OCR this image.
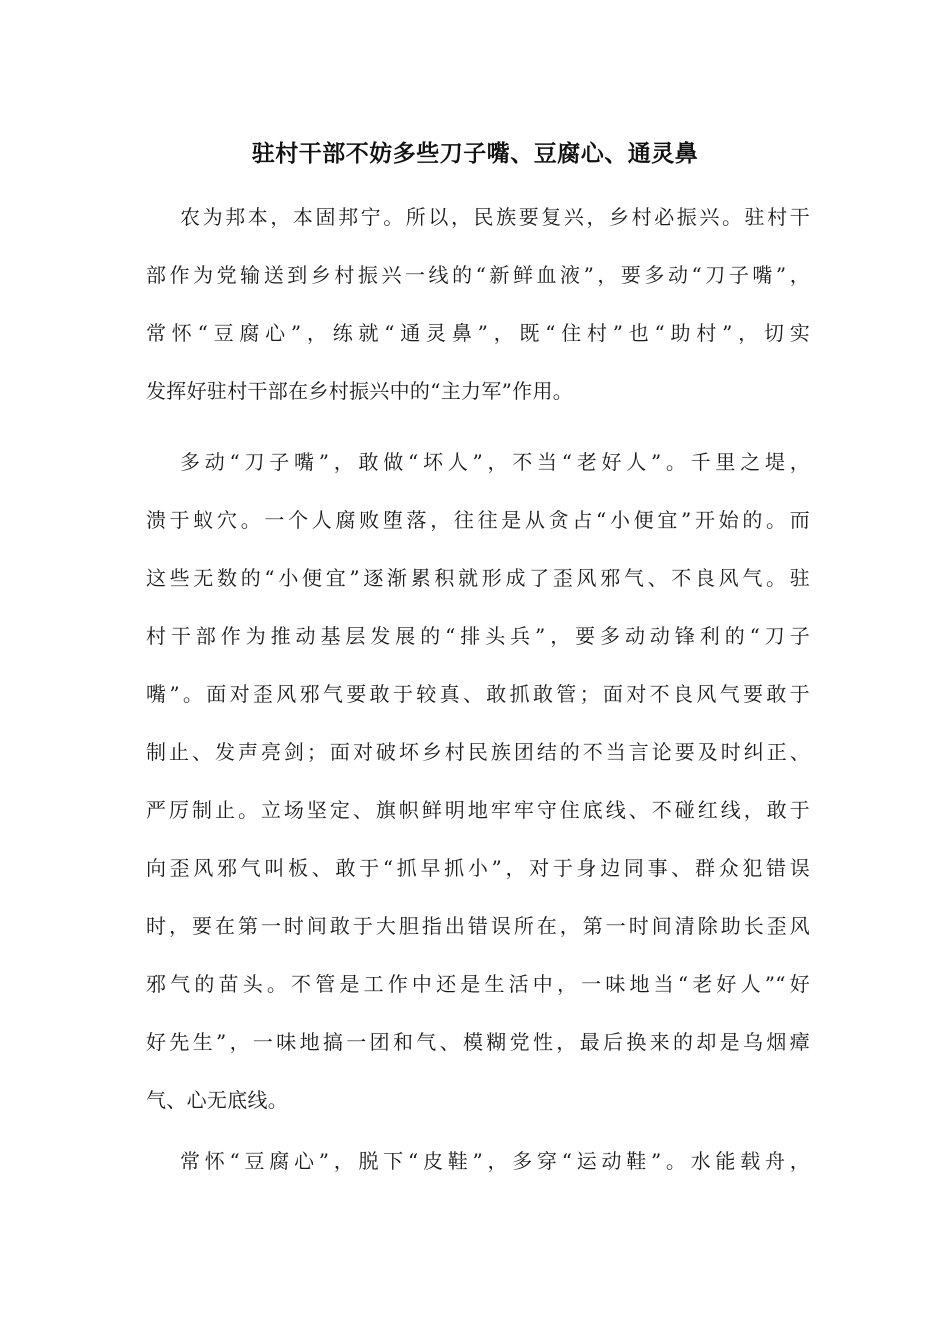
驻村干部不妨多些刀子嘴、豆腐心、通灵鼻
农为邦本，本固邦宁。所以，民族要复兴，乡村必振兴。驻村干
部作为党输送到乡村振兴一线的“新鲜血液”，要多动“刀子嘴”，
常怀“豆腐心”，练就“通灵鼻”，既“住村”也“助村”，切实
发挥好驻村干部在乡村振兴中的“主力军”作用。
多动“刀子嘴”，敢做“坏人”，不当“老好人”。千里之堤，
溃于蚁穴。一个人腐败堕落，往往是从贪占“小便宜”开始的。而
这些无数的“小便宜”逐渐累积就形成了歪风邪气、不良风气。驻
村干部作为推动基层发展的“排头兵”，要多动动锋利的“刀子
嘴”。面对歪风邪气要敢于较真、敢抓敢管；面对不良风气要敢于
制止、发声亮剑；面对破坏乡村民族团结的不当言论要及时纠正、
严厉制止。立场坚定、旗帜鲜明地牢牢守住底线、不碰红线，敢于
向歪风邪气叫板、敢于“抓早抓小”，对于身边同事、群众犯错误
时，要在第一时间敢于大胆指出错误所在，第一时间清除助长歪风
邪气的苗头。不管是工作中还是生活中，一味地当“老好人”“好
好先生”，一味地搞一团和气、模糊党性，最后换来的却是乌烟瘴
气、心无底线。
常怀“豆腐心”，脱下“皮鞋”，多穿“运动鞋”。水能载舟，
